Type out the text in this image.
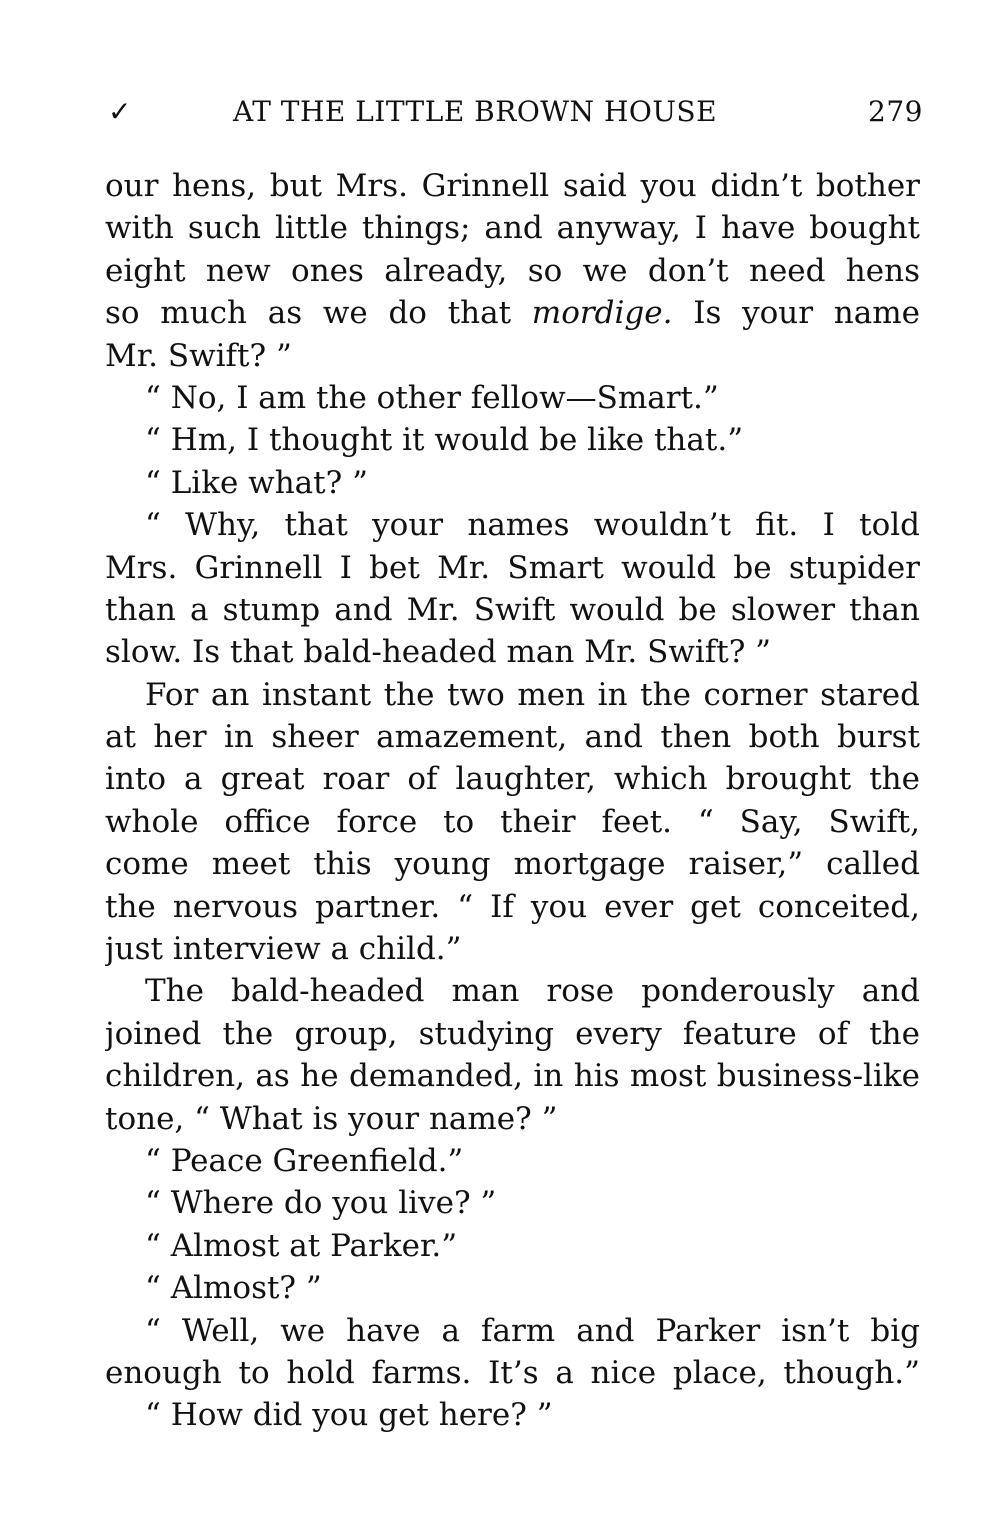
✓	AT THE LITTLE BROWN HOUSE	279
our hens, but Mrs. Grinnell said you didn’t bother
with such little things; and anyway, I have bought
eight new ones already, so we don’t need hens
so much as we do that mordige. Is your name
Mr. Swift? ”
“ No, I am the other fellow—Smart.”
“ Hm, I thought it would be like that.”
“ Like what? ”
“ Why, that your names wouldn’t fit. I told
Mrs. Grinnell I bet Mr. Smart would be stupider
than a stump and Mr. Swift would be slower than
slow. Is that bald-headed man Mr. Swift? ”
For an instant the two men in the corner stared
at her in sheer amazement, and then both burst
into a great roar of laughter, which brought the
whole office force to their feet. “ Say, Swift,
come meet this young mortgage raiser,” called
the nervous partner. “ If you ever get conceited,
just interview a child.”
The bald-headed man rose ponderously and
joined the group, studying every feature of the
children, as he demanded, in his most business-like
tone, “ What is your name? ”
“ Peace Greenfield.”
“ Where do you live? ”
“ Almost at Parker.”
“ Almost? ”
“ Well, we have a farm and Parker isn’t big
enough to hold farms. It’s a nice place, though.”
“ How did you get here? ”
